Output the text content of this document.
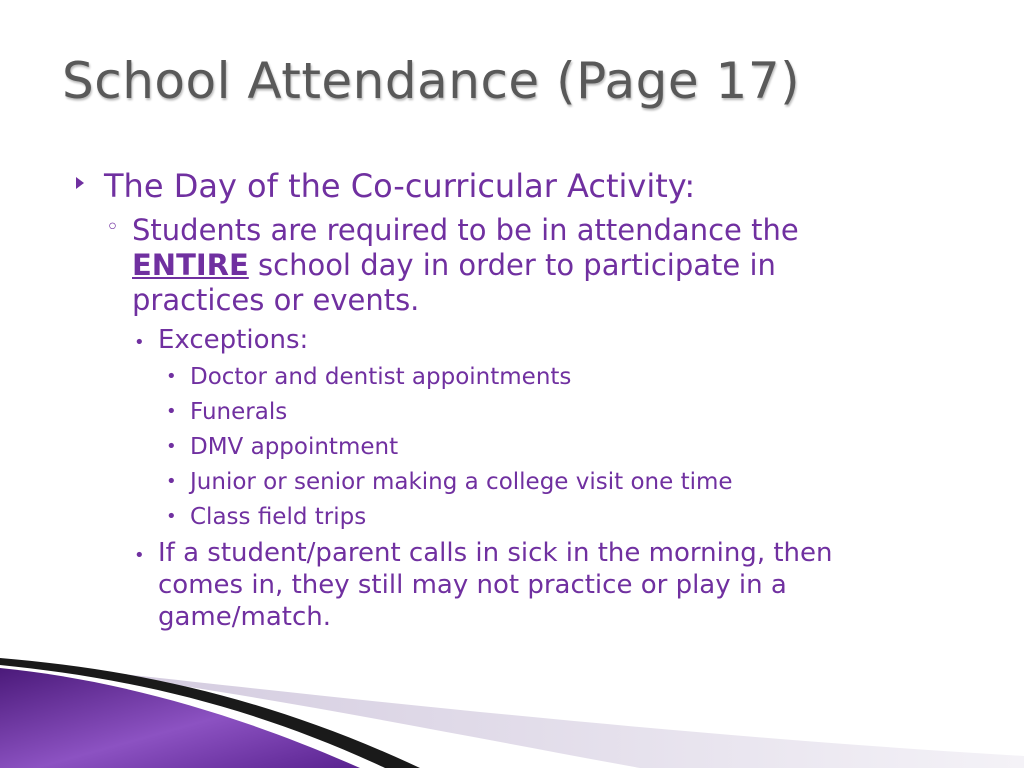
School Attendance (Page 17)
The Day of the Co-curricular Activity:
◦ Students are required to be in attendance the
ENTIRE school day in order to participate in
practices or events.
• Exceptions:
• Doctor and dentist appointments
• Funerals
• DMV appointment
• Junior or senior making a college visit one time
• Class field trips
• If a student/parent calls in sick in the morning, then
comes in, they still may not practice or play in a
game/match.
